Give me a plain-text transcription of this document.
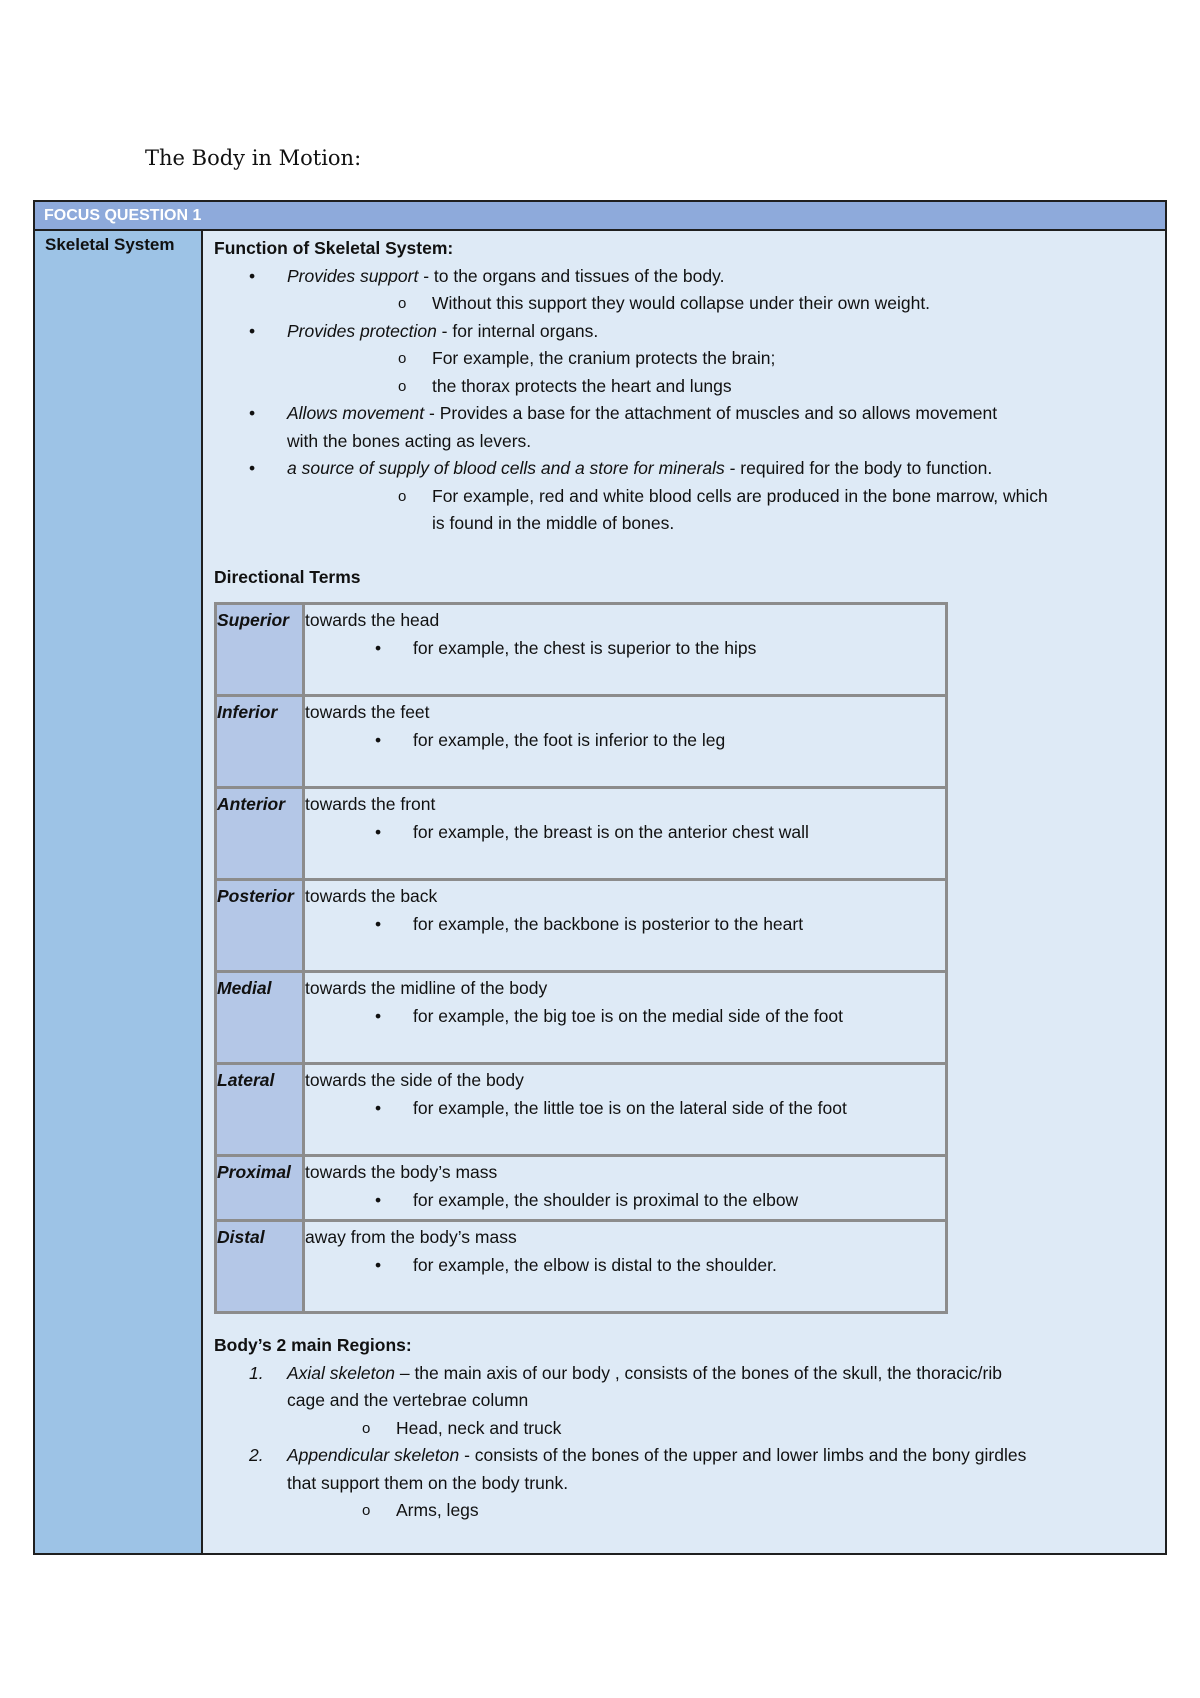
The Body in Motion:
FOCUS QUESTION 1
Skeletal System	Function of Skeletal System:
• Provides support - to the organs and tissues of the body.
o Without this support they would collapse under their own weight.
• Provides protection - for internal organs.
o For example, the cranium protects the brain;
o the thorax protects the heart and lungs
• Allows movement - Provides a base for the attachment of muscles and so allows movement
with the bones acting as levers.
• a source of supply of blood cells and a store for minerals - required for the body to function.
o For example, red and white blood cells are produced in the bone marrow, which
is found in the middle of bones.
Directional Terms
Superior towards the head
• for example, the chest is superior to the hips
Inferior	towards the feet
• for example, the foot is inferior to the leg
Anterior	towards the front
• for example, the breast is on the anterior chest wall
Posterior towards the back
• for example, the backbone is posterior to the heart
Medial	towards the midline of the body
• for example, the big toe is on the medial side of the foot
Lateral	towards the side of the body
• for example, the little toe is on the lateral side of the foot
Proximal towards the body’s mass
• for example, the shoulder is proximal to the elbow
Distal	away from the body’s mass
• for example, the elbow is distal to the shoulder.
Body’s 2 main Regions:
1. Axial skeleton – the main axis of our body , consists of the bones of the skull, the thoracic/rib
cage and the vertebrae column
o Head, neck and truck
2. Appendicular skeleton - consists of the bones of the upper and lower limbs and the bony girdles
that support them on the body trunk.
o Arms, legs
